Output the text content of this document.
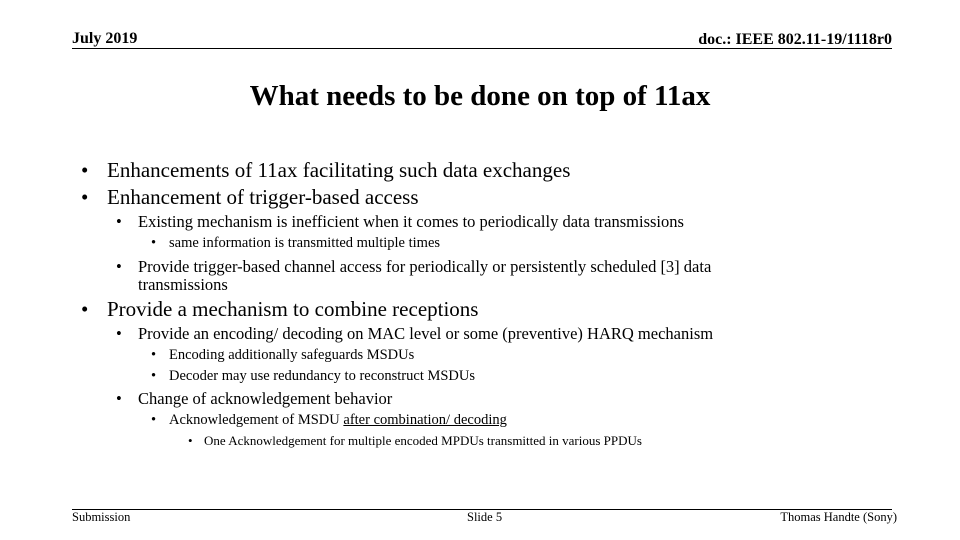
July 2019	doc.: IEEE 802.11-19/1118r0
What needs to be done on top of 11ax
• Enhancements of 11ax facilitating such data exchanges
• Enhancement of trigger-based access
• Existing mechanism is inefficient when it comes to periodically data transmissions
• same information is transmitted multiple times
• Provide trigger-based channel access for periodically or persistently scheduled [3] data
transmissions
• Provide a mechanism to combine receptions
• Provide an encoding/ decoding on MAC level or some (preventive) HARQ mechanism
• Encoding additionally safeguards MSDUs
• Decoder may use redundancy to reconstruct MSDUs
• Change of acknowledgement behavior
• Acknowledgement of MSDU after combination/ decoding
• One Acknowledgement for multiple encoded MPDUs transmitted in various PPDUs
Submission	Slide 5	Thomas Handte (Sony)
